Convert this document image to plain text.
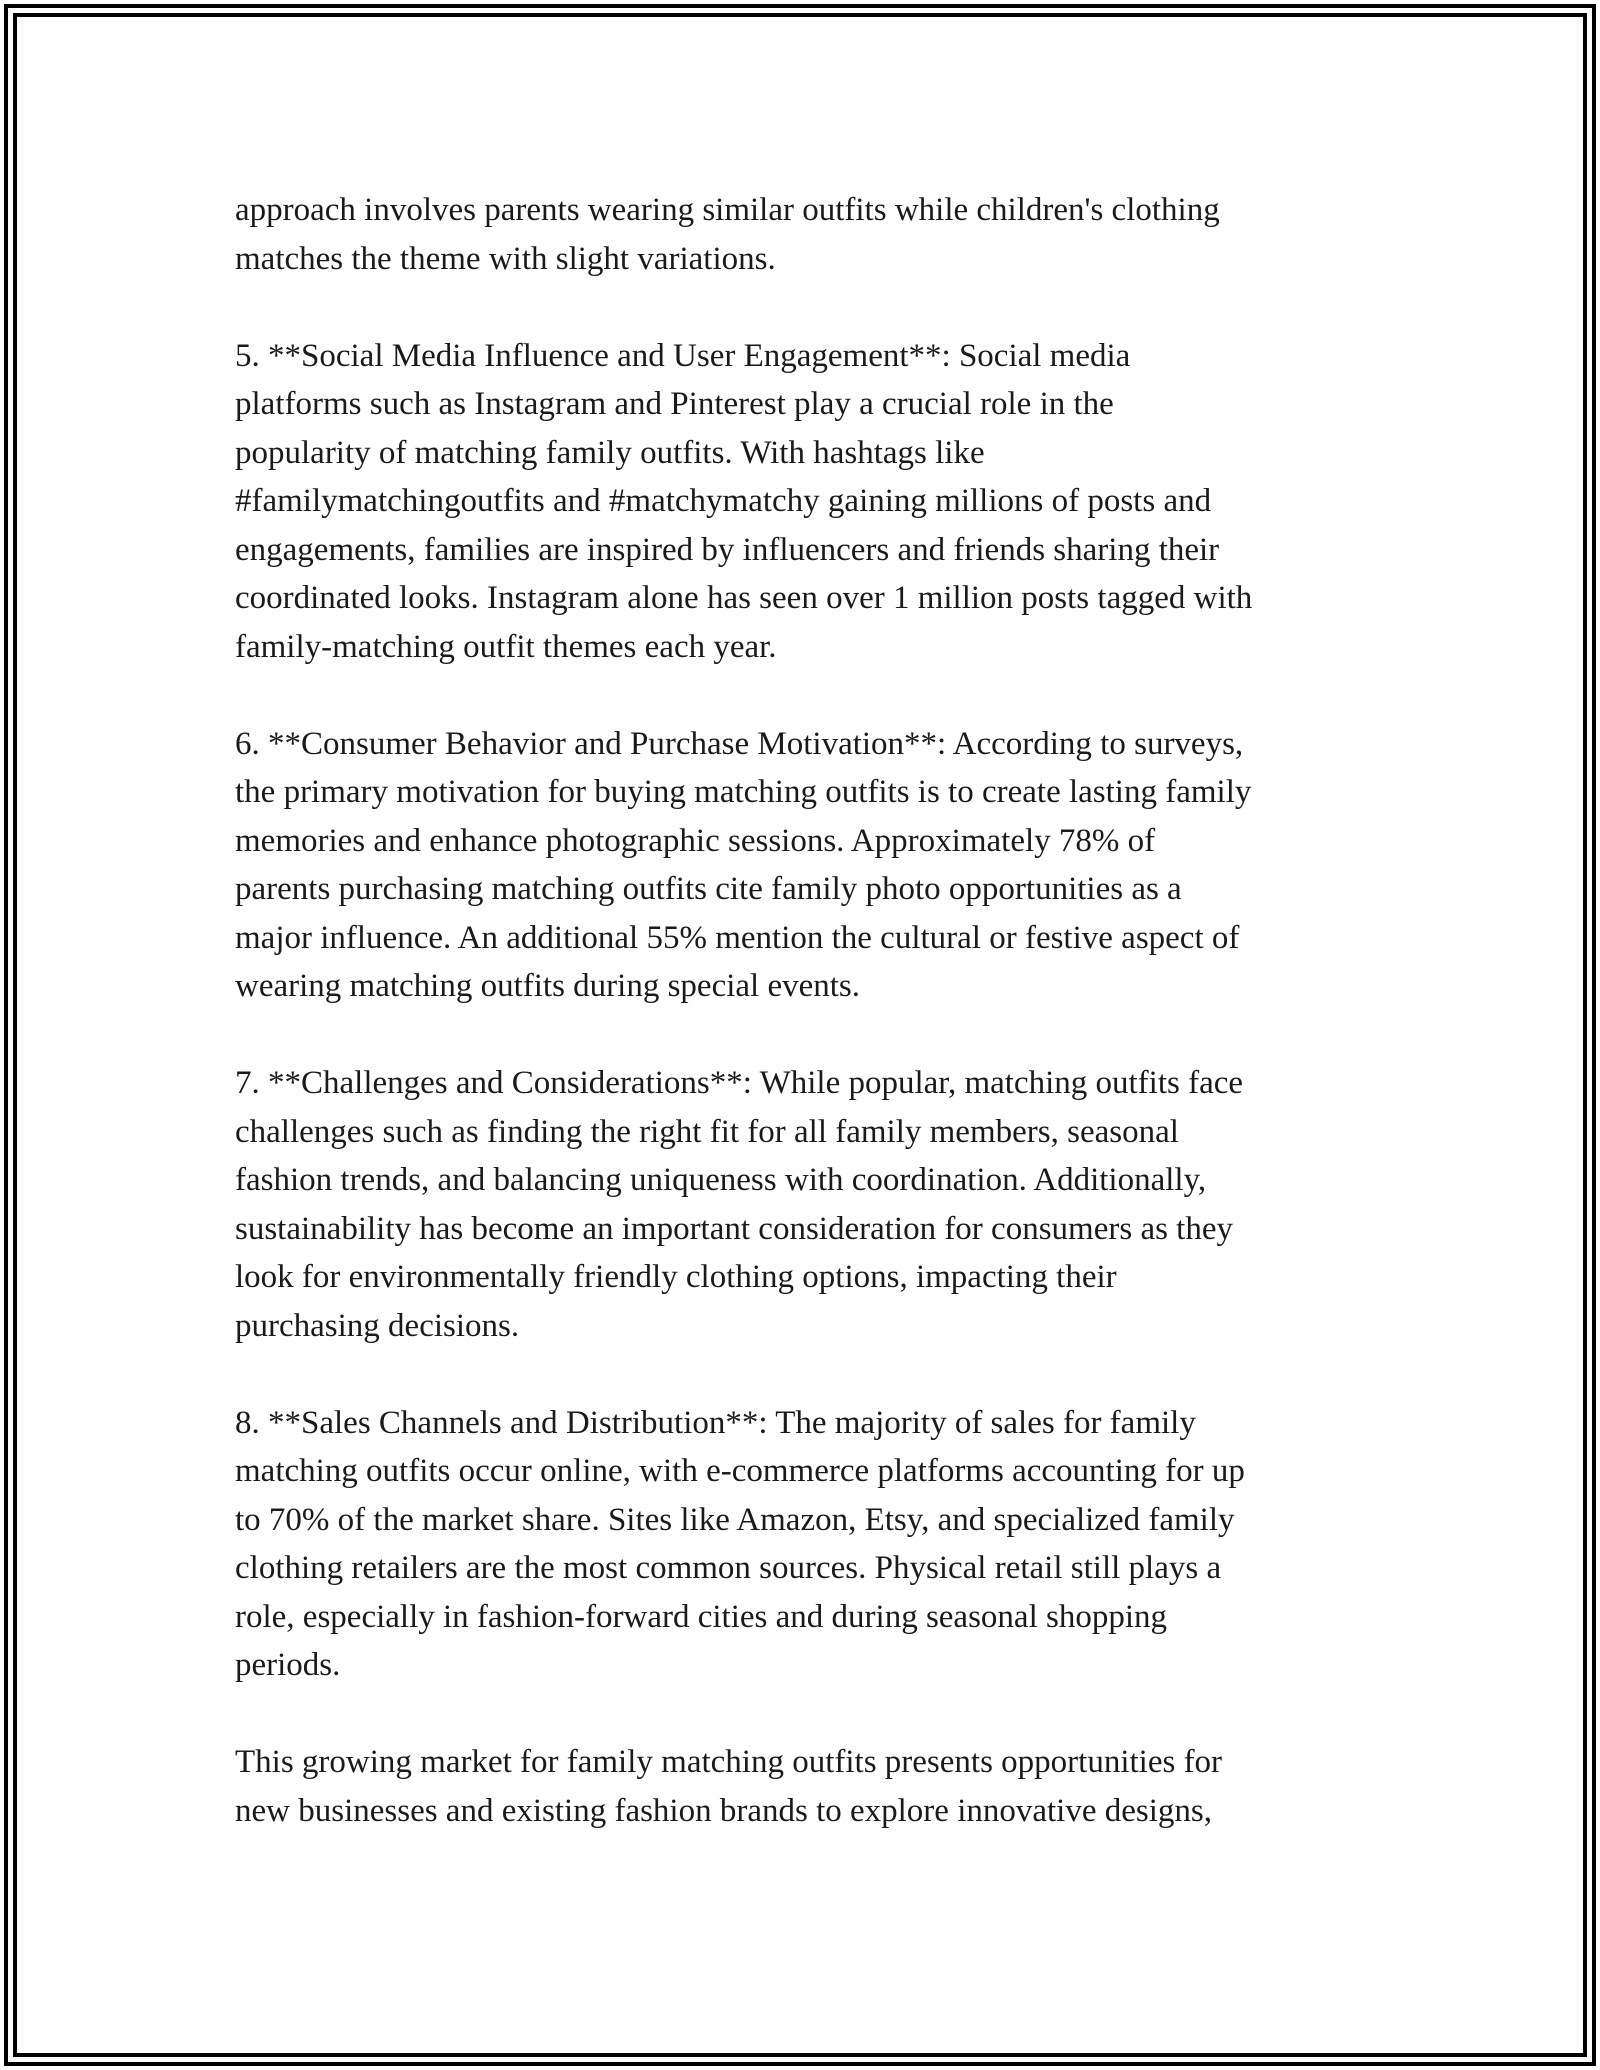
approach involves parents wearing similar outfits while children's clothing
matches the theme with slight variations.

5. **Social Media Influence and User Engagement**: Social media
platforms such as Instagram and Pinterest play a crucial role in the
popularity of matching family outfits. With hashtags like
#familymatchingoutfits and #matchymatchy gaining millions of posts and
engagements, families are inspired by influencers and friends sharing their
coordinated looks. Instagram alone has seen over 1 million posts tagged with
family-matching outfit themes each year.

6. **Consumer Behavior and Purchase Motivation**: According to surveys,
the primary motivation for buying matching outfits is to create lasting family
memories and enhance photographic sessions. Approximately 78% of
parents purchasing matching outfits cite family photo opportunities as a
major influence. An additional 55% mention the cultural or festive aspect of
wearing matching outfits during special events.

7. **Challenges and Considerations**: While popular, matching outfits face
challenges such as finding the right fit for all family members, seasonal
fashion trends, and balancing uniqueness with coordination. Additionally,
sustainability has become an important consideration for consumers as they
look for environmentally friendly clothing options, impacting their
purchasing decisions.

8. **Sales Channels and Distribution**: The majority of sales for family
matching outfits occur online, with e-commerce platforms accounting for up
to 70% of the market share. Sites like Amazon, Etsy, and specialized family
clothing retailers are the most common sources. Physical retail still plays a
role, especially in fashion-forward cities and during seasonal shopping
periods.

This growing market for family matching outfits presents opportunities for
new businesses and existing fashion brands to explore innovative designs,
